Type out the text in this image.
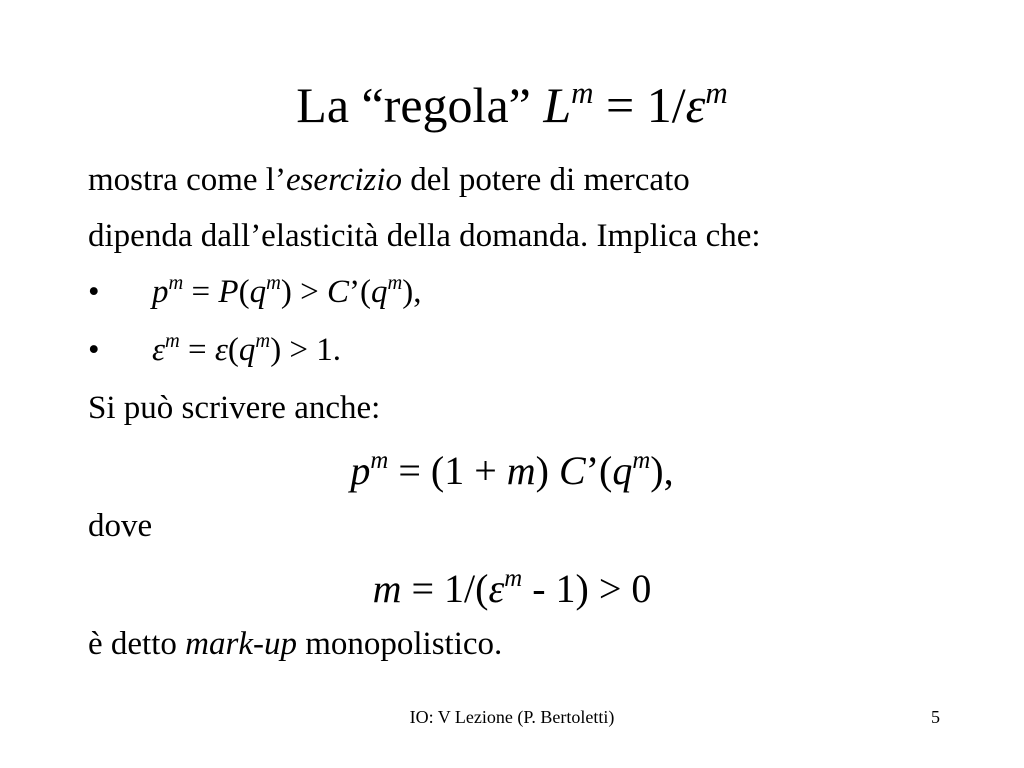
La “regola” $L^m = 1/\varepsilon^m$
mostra come l’esercizio del potere di mercato
dipenda dall’elasticità della domanda. Implica che:
• $p^m = P(q^m)$ > $C’(q^m)$,
• $\varepsilon^m = \varepsilon(q^m) > 1$.
Si può scrivere anche:
$p^m = (1 + m)$ $C’(q^m)$,
dove
$m = 1/(\varepsilon^m - 1) > 0$
è detto mark-up monopolistico.
IO: V Lezione (P. Bertoletti)	5
